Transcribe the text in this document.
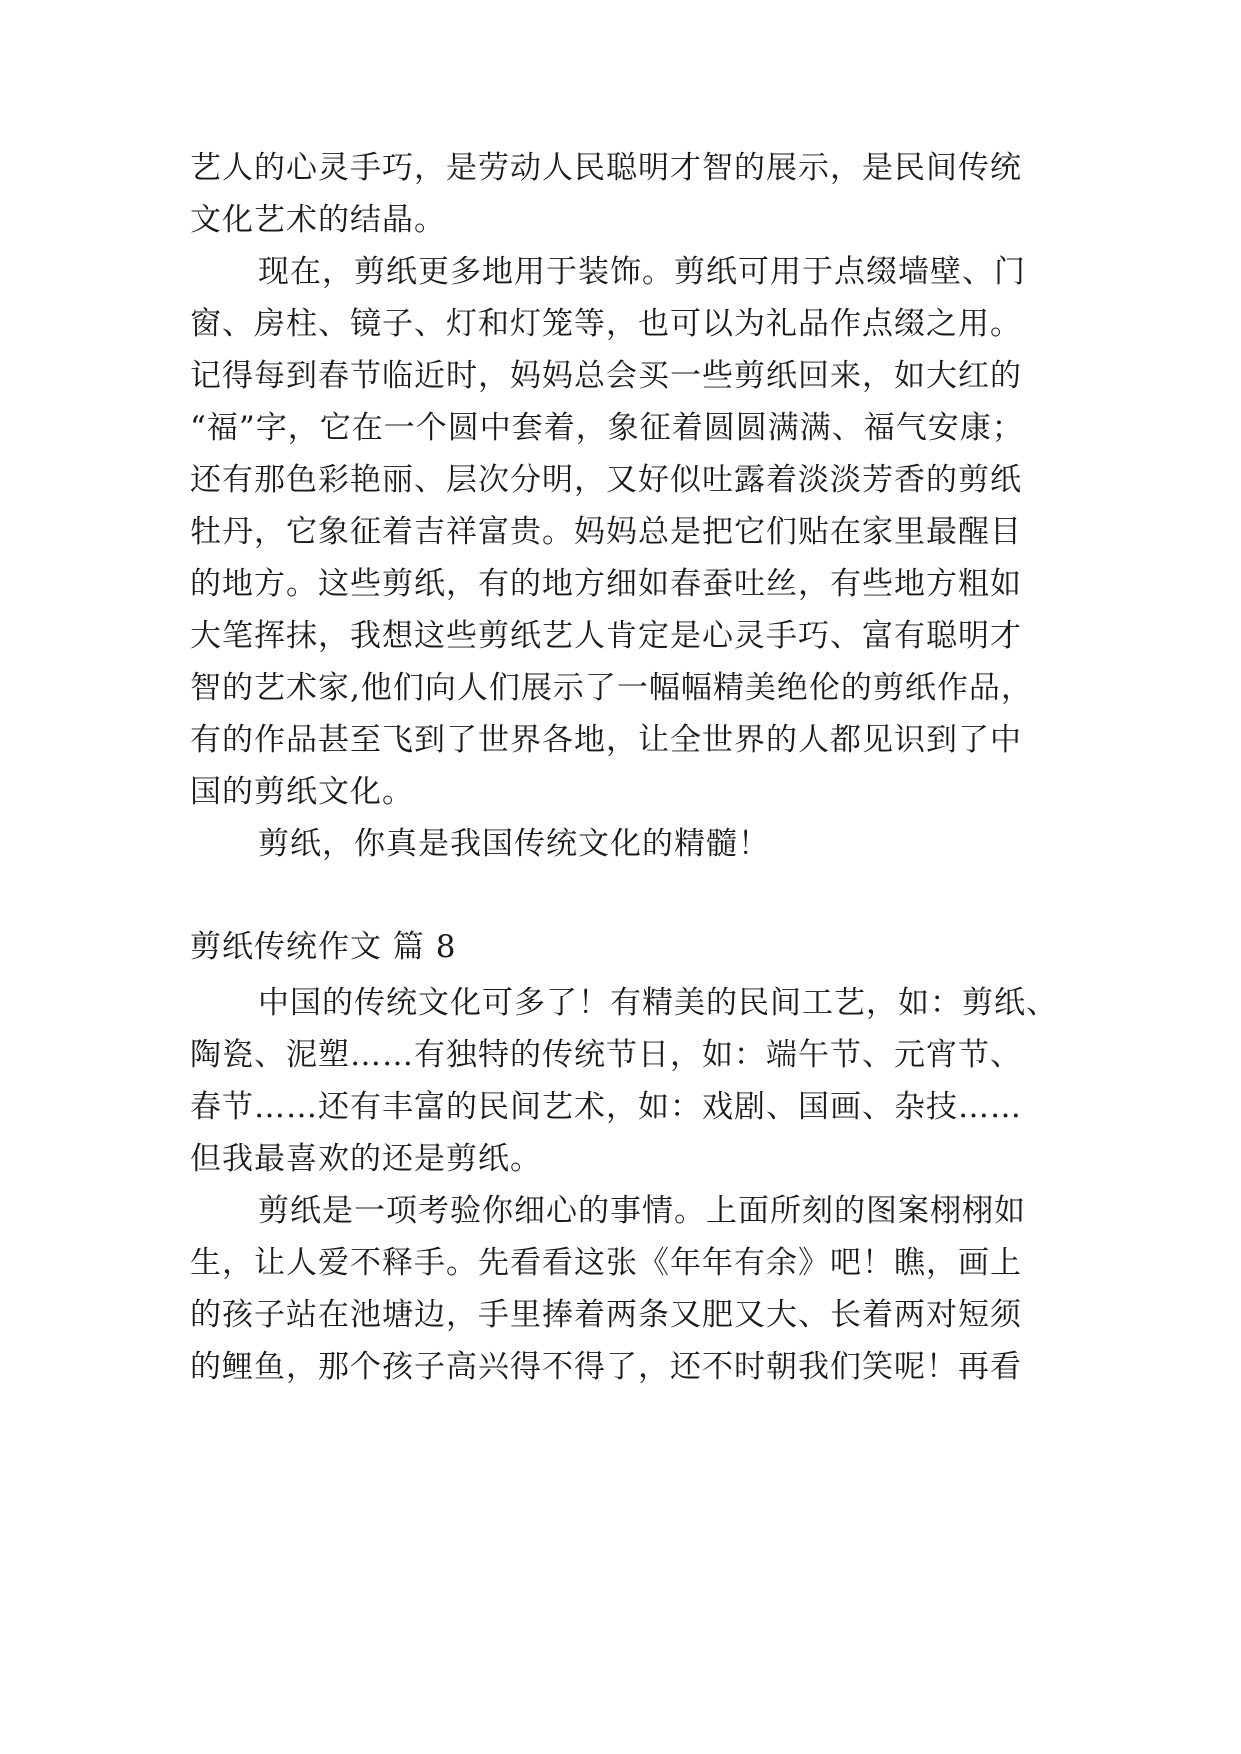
艺人的心灵手巧，是劳动人民聪明才智的展示，是民间传统
文化艺术的结晶。
现在，剪纸更多地用于装饰。剪纸可用于点缀墙壁、门
窗、房柱、镜子、灯和灯笼等，也可以为礼品作点缀之用。
记得每到春节临近时，妈妈总会买一些剪纸回来，如大红的
“福”字，它在一个圆中套着，象征着圆圆满满、福气安康；
还有那色彩艳丽、层次分明，又好似吐露着淡淡芳香的剪纸
牡丹，它象征着吉祥富贵。妈妈总是把它们贴在家里最醒目
的地方。这些剪纸，有的地方细如春蚕吐丝，有些地方粗如
大笔挥抹，我想这些剪纸艺人肯定是心灵手巧、富有聪明才
智的艺术家,他们向人们展示了一幅幅精美绝伦的剪纸作品，
有的作品甚至飞到了世界各地，让全世界的人都见识到了中
国的剪纸文化。
剪纸，你真是我国传统文化的精髓！
剪纸传统作文 篇 8
中国的传统文化可多了！有精美的民间工艺，如：剪纸、
陶瓷、泥塑……有独特的传统节日，如：端午节、元宵节、
春节……还有丰富的民间艺术，如：戏剧、国画、杂技……
但我最喜欢的还是剪纸。
剪纸是一项考验你细心的事情。上面所刻的图案栩栩如
生，让人爱不释手。先看看这张《年年有余》吧！瞧，画上
的孩子站在池塘边，手里捧着两条又肥又大、长着两对短须
的鲤鱼，那个孩子高兴得不得了，还不时朝我们笑呢！再看
